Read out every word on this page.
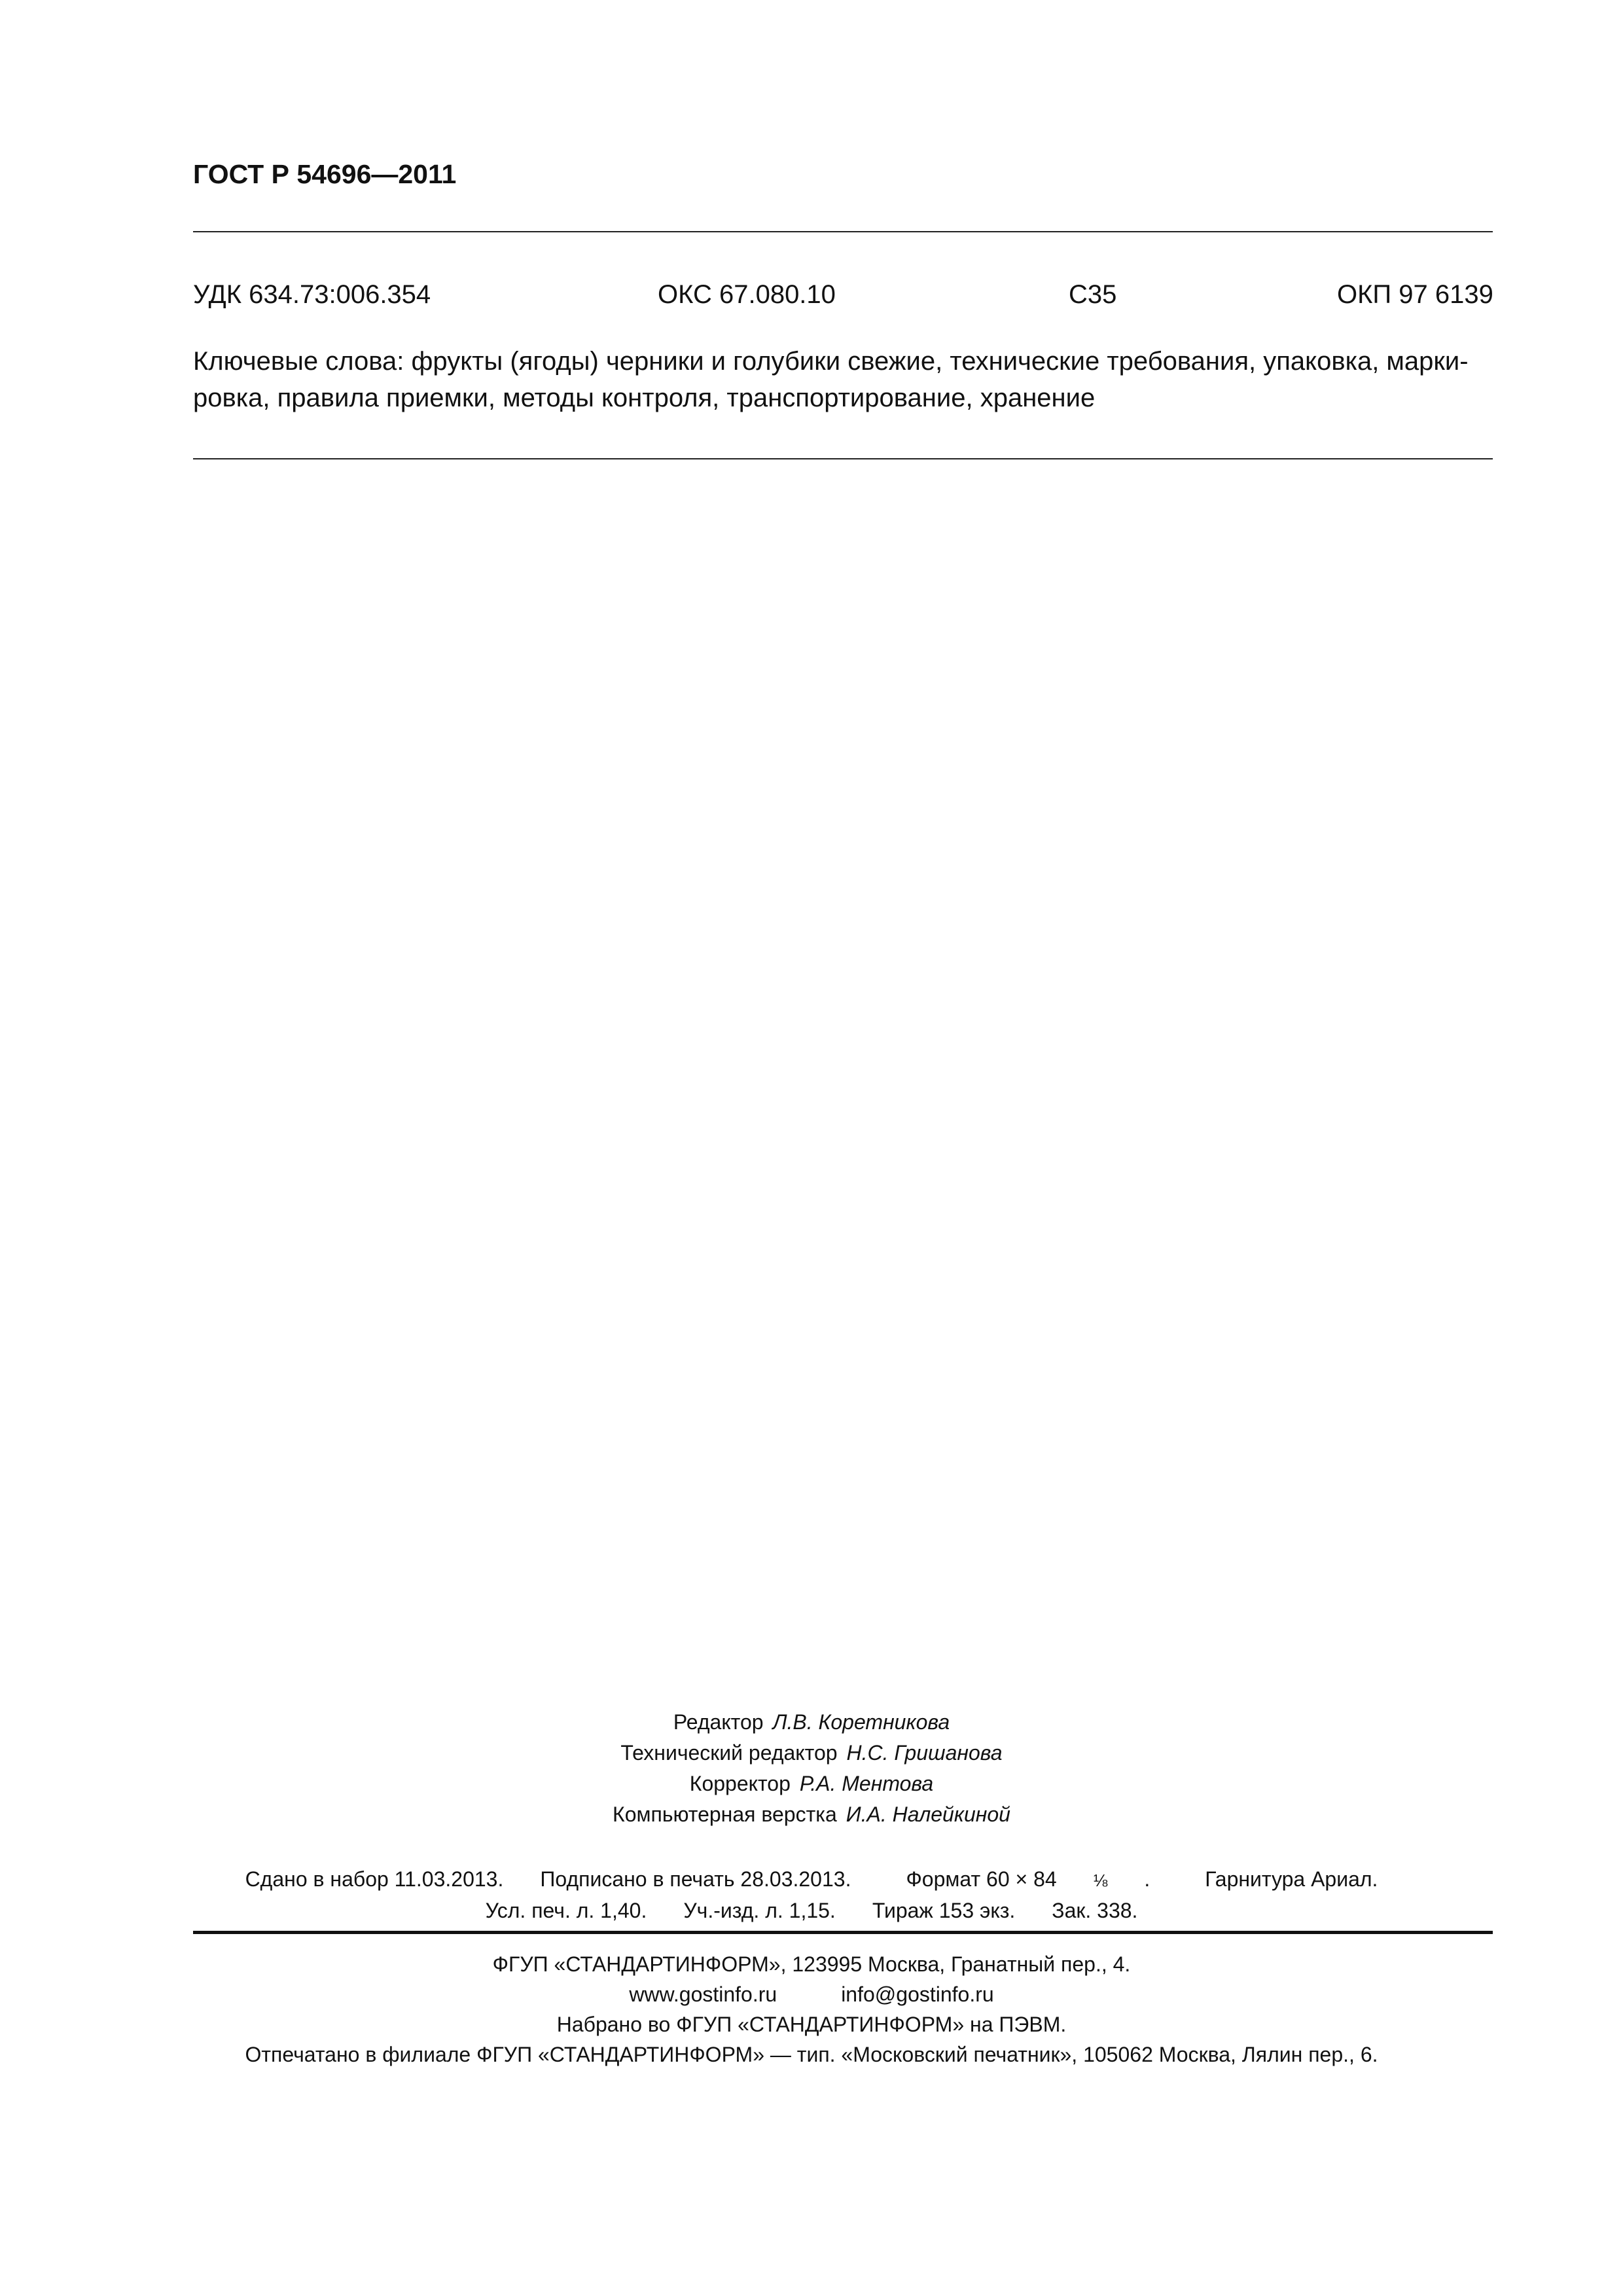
ГОСТ Р 54696—2011
УДК 634.73:006.354	ОКС 67.080.10	С35	ОКП 97 6139
Ключевые слова: фрукты (ягоды) черники и голубики свежие, технические требования, упаковка, марки-
ровка, правила приемки, методы контроля, транспортирование, хранение
Редактор Л.В. Коретникова
Технический редактор Н.С. Гришанова
Корректор Р.А. Ментова
Компьютерная верстка И.А. Налейкиной
Сдано в набор 11.03.2013. Подписано в печать 28.03.2013.	Формат 60 × 84 ⅛ .	Гарнитура Ариал.
Усл. печ. л. 1,40. Уч.-изд. л. 1,15. Тираж 153 экз. Зак. 338.
ФГУП «СТАНДАРТИНФОРМ», 123995 Москва, Гранатный пер., 4.
www.gostinfo.ru	info@gostinfo.ru
Набрано во ФГУП «СТАНДАРТИНФОРМ» на ПЭВМ.
Отпечатано в филиале ФГУП «СТАНДАРТИНФОРМ» — тип. «Московский печатник», 105062 Москва, Лялин пер., 6.
